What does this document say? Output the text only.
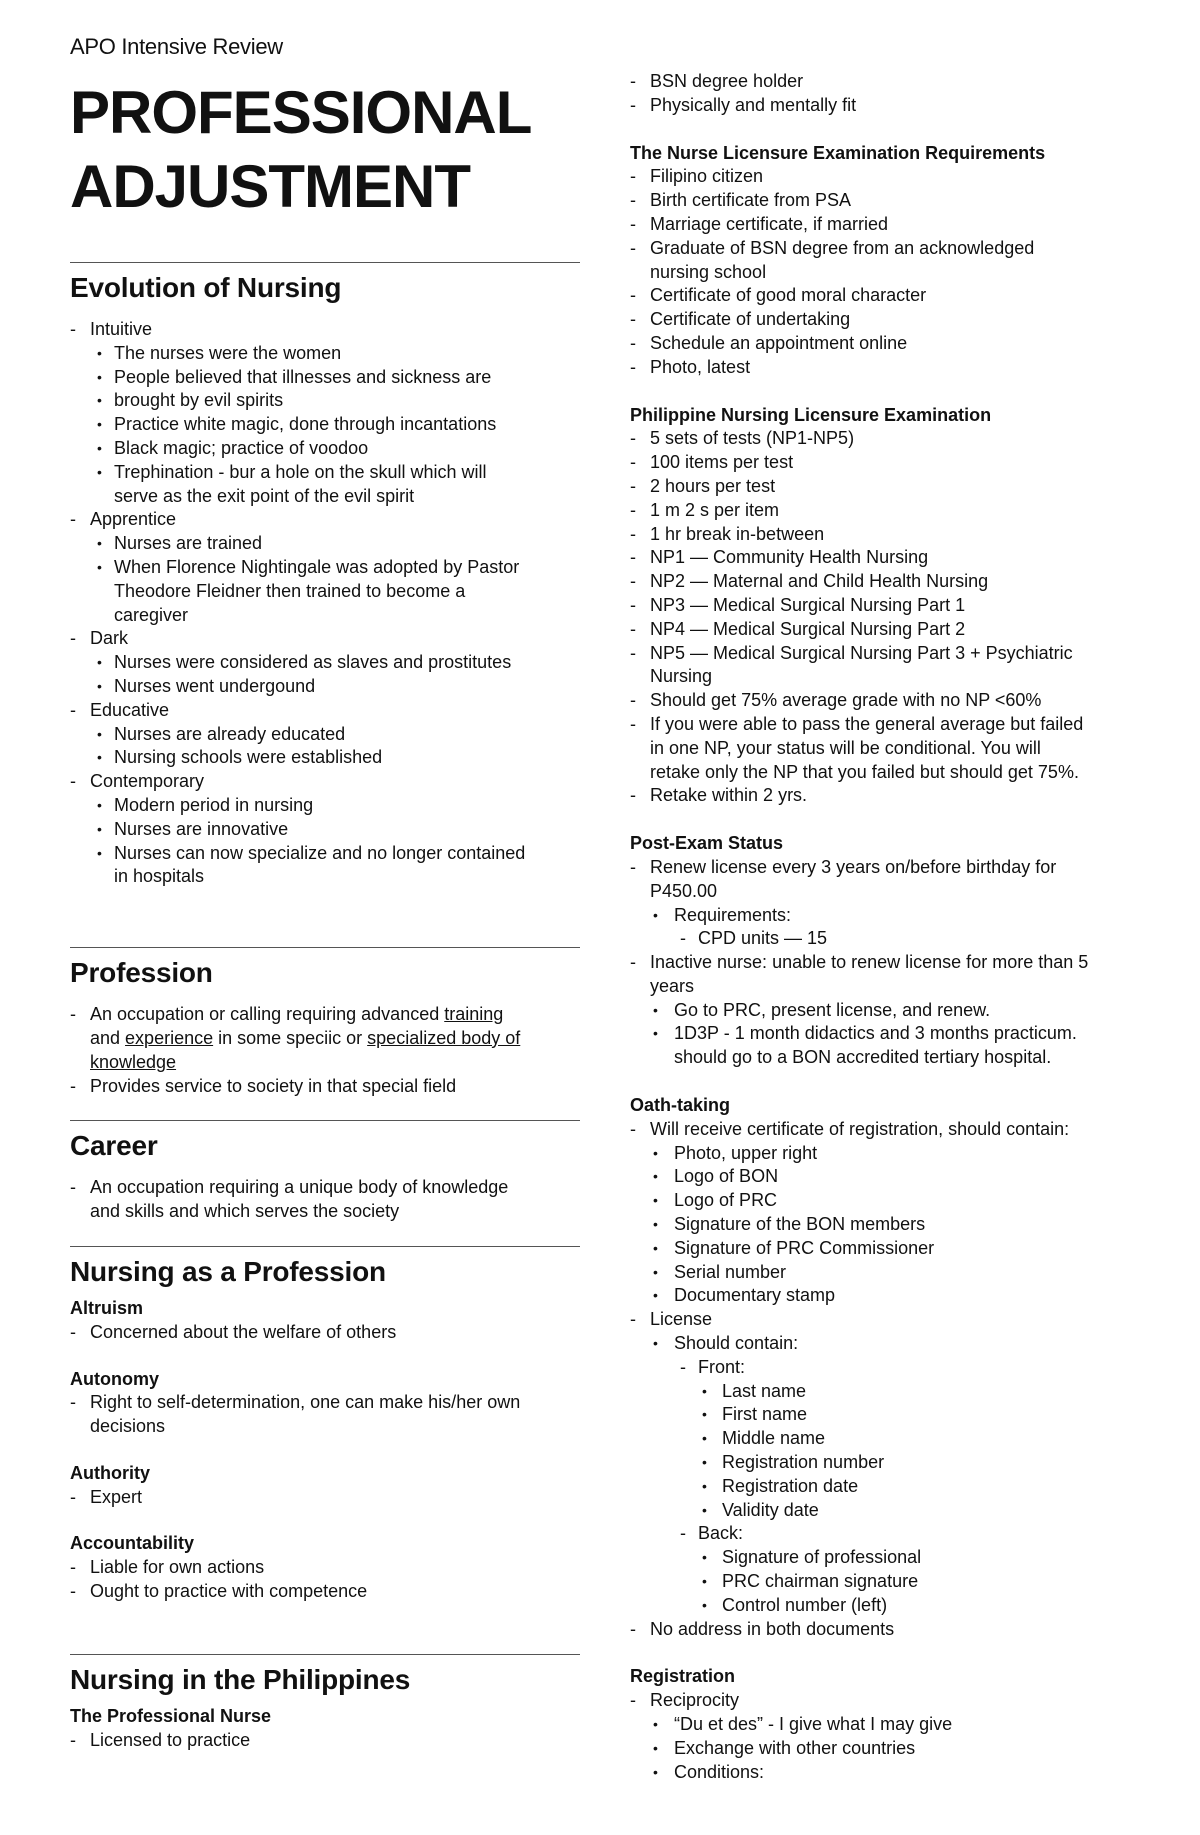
APO Intensive Review
PROFESSIONAL
ADJUSTMENT
Evolution of Nursing
- Intuitive
• The nurses were the women
• People believed that illnesses and sickness are
• brought by evil spirits
• Practice white magic, done through incantations
• Black magic; practice of voodoo
• Trephination - bur a hole on the skull which will
serve as the exit point of the evil spirit
- Apprentice
• Nurses are trained
• When Florence Nightingale was adopted by Pastor
Theodore Fleidner then trained to become a
caregiver
- Dark
• Nurses were considered as slaves and prostitutes
• Nurses went undergound
- Educative
• Nurses are already educated
• Nursing schools were established
- Contemporary
• Modern period in nursing
• Nurses are innovative
• Nurses can now specialize and no longer contained
in hospitals
Profession
- An occupation or calling requiring advanced training
and experience in some speciic or specialized body of
knowledge
- Provides service to society in that special field
Career
- An occupation requiring a unique body of knowledge
and skills and which serves the society
Nursing as a Profession
Altruism
- Concerned about the welfare of others
Autonomy
- Right to self-determination, one can make his/her own
decisions
Authority
- Expert
Accountability
- Liable for own actions
- Ought to practice with competence
Nursing in the Philippines
The Professional Nurse
- Licensed to practice
- BSN degree holder
- Physically and mentally fit
The Nurse Licensure Examination Requirements
- Filipino citizen
- Birth certificate from PSA
- Marriage certificate, if married
- Graduate of BSN degree from an acknowledged
nursing school
- Certificate of good moral character
- Certificate of undertaking
- Schedule an appointment online
- Photo, latest
Philippine Nursing Licensure Examination
- 5 sets of tests (NP1-NP5)
- 100 items per test
- 2 hours per test
- 1 m 2 s per item
- 1 hr break in-between
- NP1 — Community Health Nursing
- NP2 — Maternal and Child Health Nursing
- NP3 — Medical Surgical Nursing Part 1
- NP4 — Medical Surgical Nursing Part 2
- NP5 — Medical Surgical Nursing Part 3 + Psychiatric
Nursing
- Should get 75% average grade with no NP <60%
- If you were able to pass the general average but failed
in one NP, your status will be conditional. You will
retake only the NP that you failed but should get 75%.
- Retake within 2 yrs.
Post-Exam Status
- Renew license every 3 years on/before birthday for
P450.00
• Requirements:
- CPD units — 15
- Inactive nurse: unable to renew license for more than 5
years
• Go to PRC, present license, and renew.
• 1D3P - 1 month didactics and 3 months practicum.
should go to a BON accredited tertiary hospital.
Oath-taking
- Will receive certificate of registration, should contain:
• Photo, upper right
• Logo of BON
• Logo of PRC
• Signature of the BON members
• Signature of PRC Commissioner
• Serial number
• Documentary stamp
- License
• Should contain:
- Front:
• Last name
• First name
• Middle name
• Registration number
• Registration date
• Validity date
- Back:
• Signature of professional
• PRC chairman signature
• Control number (left)
- No address in both documents
Registration
- Reciprocity
• “Du et des” - I give what I may give
• Exchange with other countries
• Conditions:
